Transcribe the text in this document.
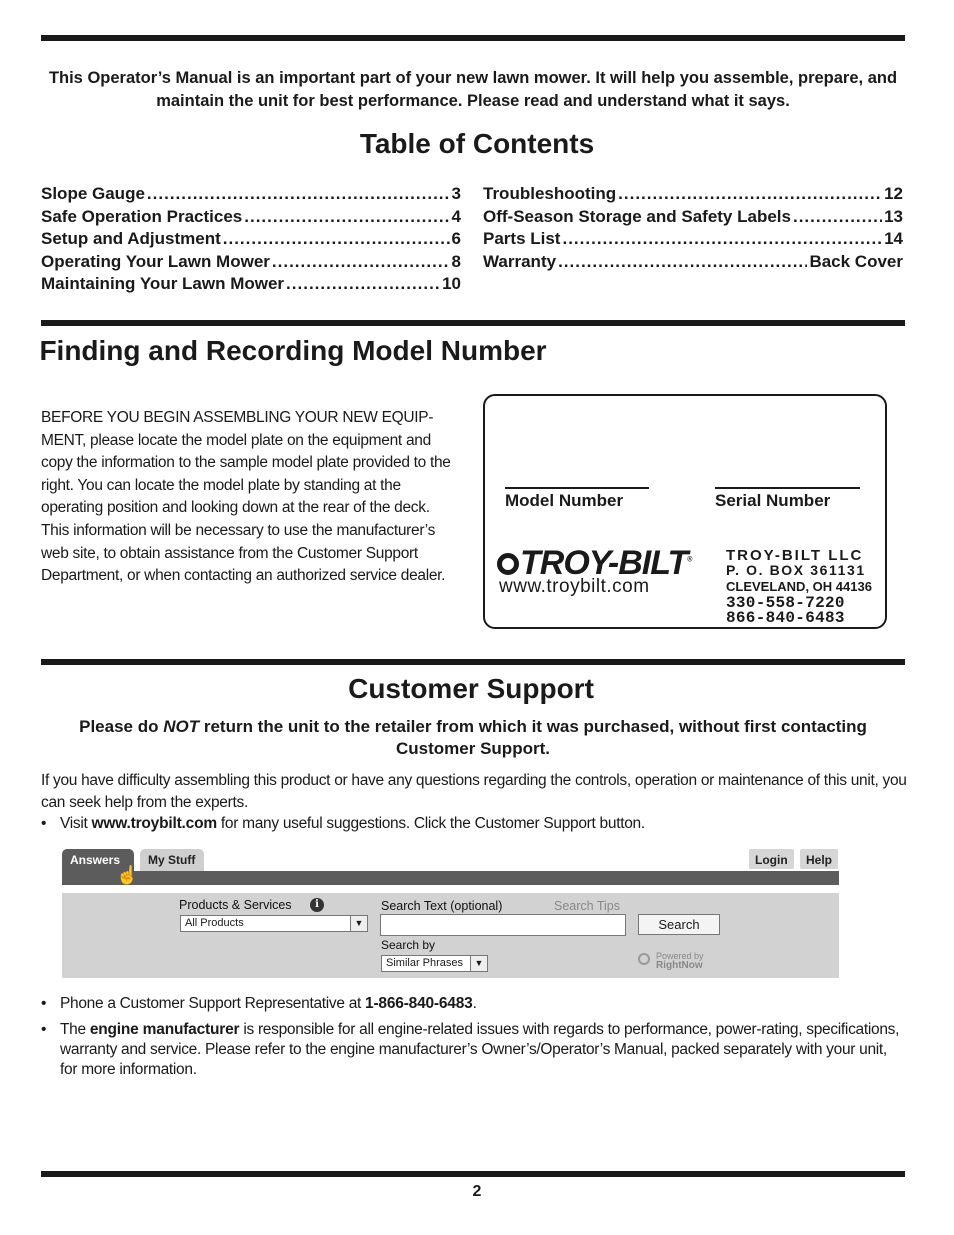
This Operator’s Manual is an important part of your new lawn mower. It will help you assemble, prepare, and maintain the unit for best performance. Please read and understand what it says.
Table of Contents
Slope Gauge .....	3
Safe Operation Practices .....	4
Setup and Adjustment .....	6
Operating Your Lawn Mower .....	8
Maintaining Your Lawn Mower .....	10
Troubleshooting .....	12
Off-Season Storage and Safety Labels .....	13
Parts List .....	14
Warranty .....	Back Cover
Finding and Recording Model Number
BEFORE YOU BEGIN ASSEMBLING YOUR NEW EQUIP-MENT, please locate the model plate on the equipment and copy the information to the sample model plate provided to the right. You can locate the model plate by standing at the operating position and looking down at the rear of the deck. This information will be necessary to use the manufacturer’s web site, to obtain assistance from the Customer Support Department, or when contacting an authorized service dealer.
Model Number	Serial Number
TROY-BILT®
www.troybilt.com
TROY-BILT LLC
P. O. BOX 361131
CLEVELAND, OH 44136
330-558-7220
866-840-6483
Customer Support
Please do NOT return the unit to the retailer from which it was purchased, without first contacting Customer Support.
If you have difficulty assembling this product or have any questions regarding the controls, operation or maintenance of this unit, you can seek help from the experts.
• Visit www.troybilt.com for many useful suggestions. Click the Customer Support button.
Answers
☝
My Stuff	Login	Help
Products & Services	i
All Products	▼
Search Text (optional)	Search Tips
Search by
Similar Phrases	▼
Search
Powered by
RightNow
• Phone a Customer Support Representative at 1-866-840-6483.
• The engine manufacturer is responsible for all engine-related issues with regards to performance, power-rating, specifications, warranty and service. Please refer to the engine manufacturer’s Owner’s/Operator’s Manual, packed separately with your unit, for more information.
2
